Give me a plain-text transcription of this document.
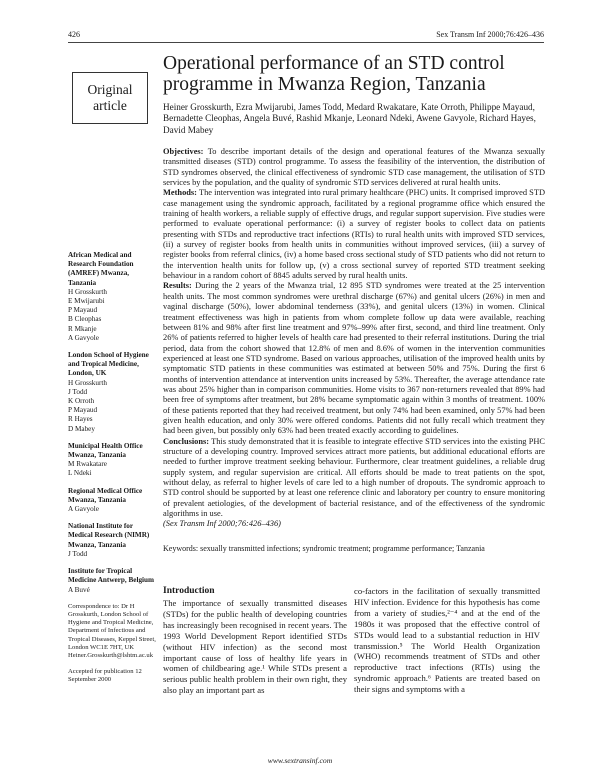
426	Sex Transm Inf 2000;76:426–436
Original
article
Operational performance of an STD control programme in Mwanza Region, Tanzania
Heiner Grosskurth, Ezra Mwijarubi, James Todd, Medard Rwakatare, Kate Orroth, Philippe Mayaud, Bernadette Cleophas, Angela Buvé, Rashid Mkanje, Leonard Ndeki, Awene Gavyole, Richard Hayes, David Mabey

Objectives: To describe important details of the design and operational features of the Mwanza sexually transmitted diseases (STD) control programme. To assess the feasibility of the intervention, the distribution of STD syndromes observed, the clinical effectiveness of syndromic STD case management, the utilisation of STD services by the population, and the quality of syndromic STD services delivered at rural health units.

Methods: The intervention was integrated into rural primary healthcare (PHC) units. It comprised improved STD case management using the syndromic approach, facilitated by a regional programme office which ensured the training of health workers, a reliable supply of effective drugs, and regular support supervision. Five studies were performed to evaluate operational performance: (i) a survey of register books to collect data on patients presenting with STDs and reproductive tract infections (RTIs) to rural health units with improved STD services, (ii) a survey of register books from health units in communities without improved services, (iii) a survey of register books from referral clinics, (iv) a home based cross sectional study of STD patients who did not return to the intervention health units for follow up, (v) a cross sectional survey of reported STD treatment seeking behaviour in a random cohort of 8845 adults served by rural health units.

Results: During the 2 years of the Mwanza trial, 12 895 STD syndromes were treated at the 25 intervention health units. The most common syndromes were urethral discharge (67%) and genital ulcers (26%) in men and vaginal discharge (50%), lower abdominal tenderness (33%), and genital ulcers (13%) in women. Clinical treatment effectiveness was high in patients from whom complete follow up data were available, reaching between 81% and 98% after first line treatment and 97%–99% after first, second, and third line treatment. Only 26% of patients referred to higher levels of health care had presented to their referral institutions. During the trial period, data from the cohort showed that 12.8% of men and 8.6% of women in the intervention communities experienced at least one STD syndrome. Based on various approaches, utilisation of the improved health units by symptomatic STD patients in these communities was estimated at between 50% and 75%. During the first 6 months of intervention attendance at intervention units increased by 53%. Thereafter, the average attendance rate was about 25% higher than in comparison communities. Home visits to 367 non-returners revealed that 89% had been free of symptoms after treatment, but 28% became symptomatic again within 3 months of treatment. 100% of these patients reported that they had received treatment, but only 74% had been examined, only 57% had been given health education, and only 30% were offered condoms. Patients did not fully recall which treatment they had been given, but possibly only 63% had been treated exactly according to guidelines.

Conclusions: This study demonstrated that it is feasible to integrate effective STD services into the existing PHC structure of a developing country. Improved services attract more patients, but additional educational efforts are needed to further improve treatment seeking behaviour. Furthermore, clear treatment guidelines, a reliable drug supply system, and regular supervision are critical. All efforts should be made to treat patients on the spot, without delay, as referral to higher levels of care led to a high number of dropouts. The syndromic approach to STD control should be supported by at least one reference clinic and laboratory per country to ensure monitoring of prevalent aetiologies, of the development of bacterial resistance, and of the effectiveness of the syndromic algorithms in use.

(Sex Transm Inf 2000;76:426–436)

Keywords: sexually transmitted infections; syndromic treatment; programme performance; Tanzania
African Medical and Research Foundation (AMREF) Mwanza, Tanzania
H Grosskurth
E Mwijarubi
P Mayaud
B Cleophas
R Mkanje
A Gavyole
London School of Hygiene and Tropical Medicine, London, UK
H Grosskurth
J Todd
K Orroth
P Mayaud
R Hayes
D Mabey
Municipal Health Office Mwanza, Tanzania
M Rwakatare
L Ndeki
Regional Medical Office Mwanza, Tanzania
A Gavyole
National Institute for Medical Research (NIMR) Mwanza, Tanzania
J Todd
Institute for Tropical Medicine Antwerp, Belgium
A Buvé
Correspondence to: Dr H Grosskurth, London School of Hygiene and Tropical Medicine, Department of Infectious and Tropical Diseases, Keppel Street, London WC1E 7HT, UK Heiner.Grosskurth@lshtm.ac.uk
Accepted for publication 12 September 2000
Introduction
The importance of sexually transmitted diseases (STDs) for the public health of developing countries has increasingly been recognised in recent years. The 1993 World Development Report identified STDs (without HIV infection) as the second most important cause of loss of healthy life years in women of childbearing age.¹ While STDs present a serious public health problem in their own right, they also play an important part as
co-factors in the facilitation of sexually transmitted HIV infection. Evidence for this hypothesis has come from a variety of studies,²⁻⁴ and at the end of the 1980s it was proposed that the effective control of STDs would lead to a substantial reduction in HIV transmission.⁵ The World Health Organization (WHO) recommends treatment of STDs and other reproductive tract infections (RTIs) using the syndromic approach.⁶ Patients are treated based on their signs and symptoms with a
www.sextransinf.com
